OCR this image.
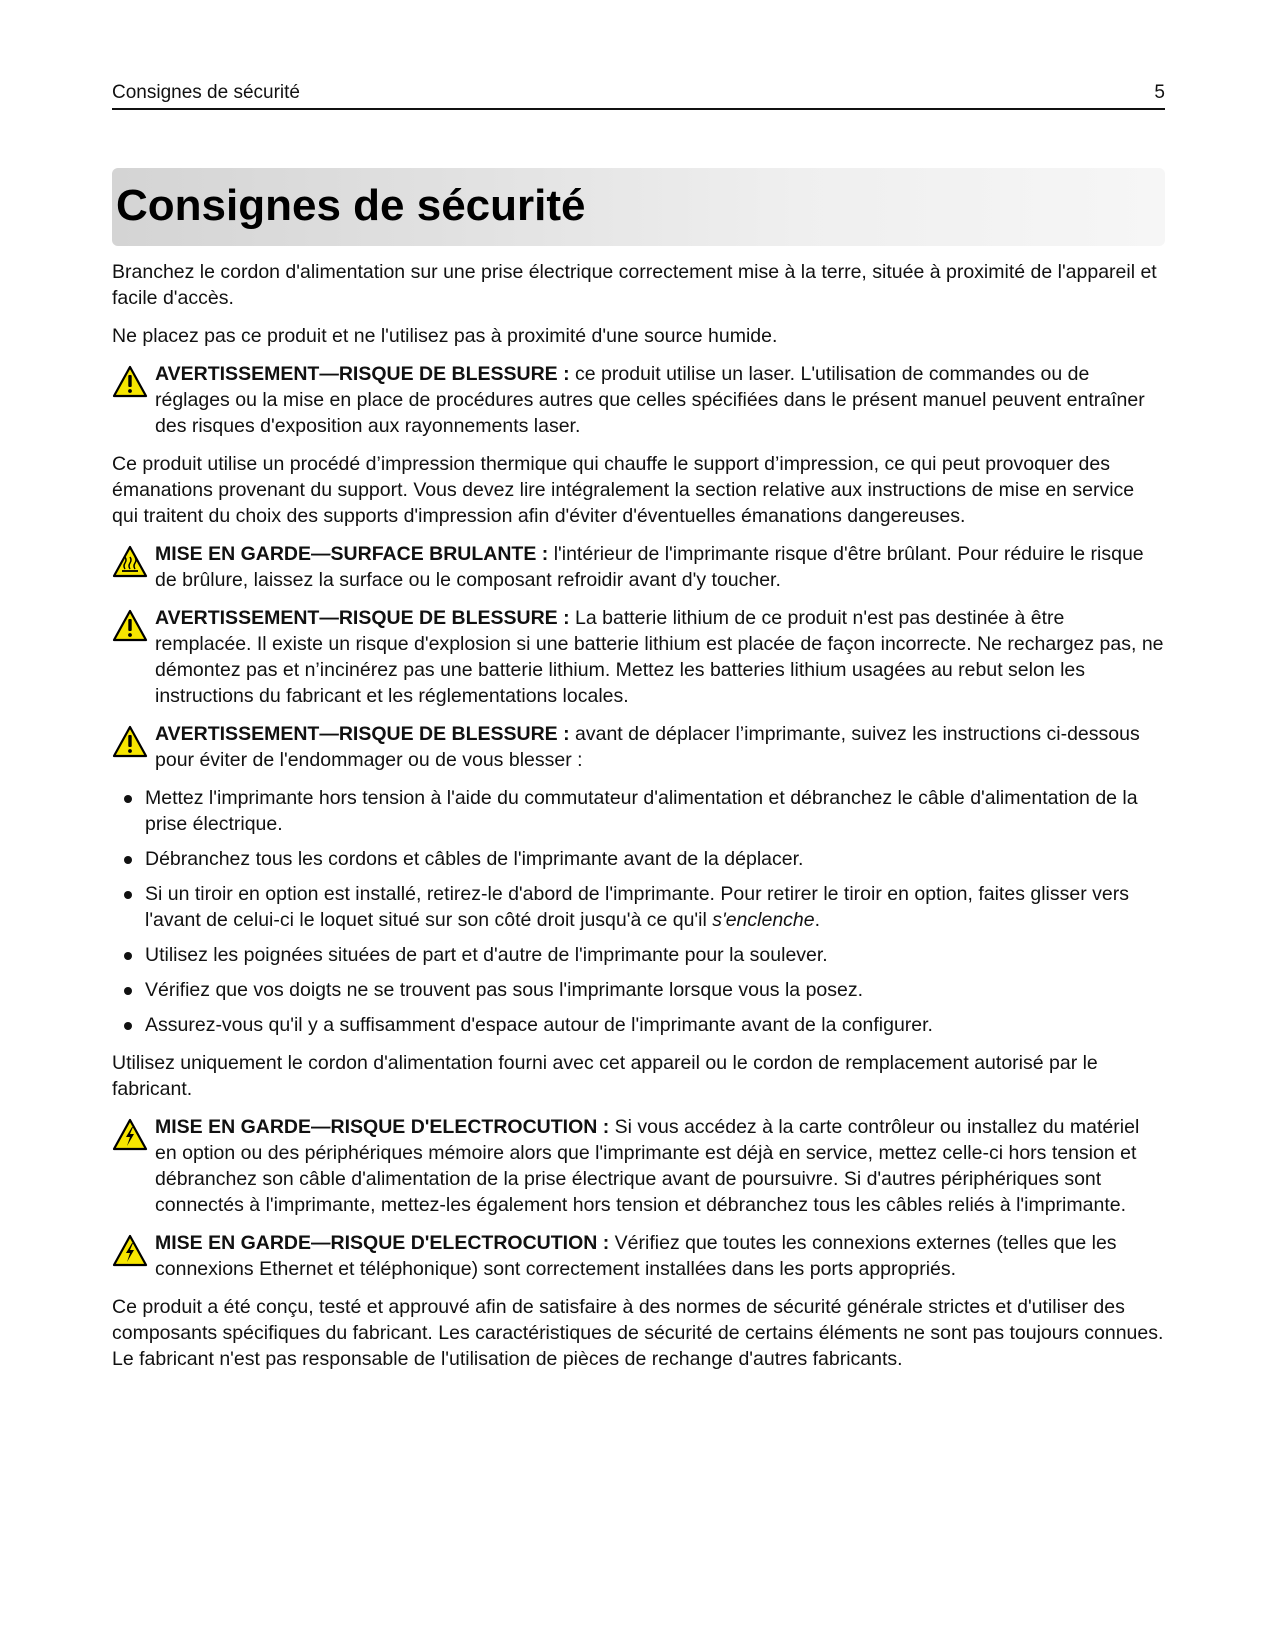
Consignes de sécurité	5
Consignes de sécurité

Branchez le cordon d'alimentation sur une prise électrique correctement mise à la terre, située à proximité de l'appareil et facile d'accès.

Ne placez pas ce produit et ne l'utilisez pas à proximité d'une source humide.

AVERTISSEMENT—RISQUE DE BLESSURE : ce produit utilise un laser. L'utilisation de commandes ou de réglages ou la mise en place de procédures autres que celles spécifiées dans le présent manuel peuvent entraîner des risques d'exposition aux rayonnements laser.

Ce produit utilise un procédé d’impression thermique qui chauffe le support d’impression, ce qui peut provoquer des émanations provenant du support. Vous devez lire intégralement la section relative aux instructions de mise en service qui traitent du choix des supports d'impression afin d'éviter d'éventuelles émanations dangereuses.

MISE EN GARDE—SURFACE BRULANTE : l'intérieur de l'imprimante risque d'être brûlant. Pour réduire le risque de brûlure, laissez la surface ou le composant refroidir avant d'y toucher.
AVERTISSEMENT—RISQUE DE BLESSURE : La batterie lithium de ce produit n'est pas destinée à être remplacée. Il existe un risque d'explosion si une batterie lithium est placée de façon incorrecte. Ne rechargez pas, ne démontez pas et n’incinérez pas une batterie lithium. Mettez les batteries lithium usagées au rebut selon les instructions du fabricant et les réglementations locales.
AVERTISSEMENT—RISQUE DE BLESSURE : avant de déplacer l’imprimante, suivez les instructions ci-dessous pour éviter de l'endommager ou de vous blesser :
Mettez l'imprimante hors tension à l'aide du commutateur d'alimentation et débranchez le câble d'alimentation de la prise électrique.
Débranchez tous les cordons et câbles de l'imprimante avant de la déplacer.
Si un tiroir en option est installé, retirez-le d'abord de l'imprimante. Pour retirer le tiroir en option, faites glisser vers l'avant de celui-ci le loquet situé sur son côté droit jusqu'à ce qu'il s'enclenche.
Utilisez les poignées situées de part et d'autre de l'imprimante pour la soulever.
Vérifiez que vos doigts ne se trouvent pas sous l'imprimante lorsque vous la posez.
Assurez-vous qu'il y a suffisamment d'espace autour de l'imprimante avant de la configurer.

Utilisez uniquement le cordon d'alimentation fourni avec cet appareil ou le cordon de remplacement autorisé par le fabricant.

MISE EN GARDE—RISQUE D'ELECTROCUTION : Si vous accédez à la carte contrôleur ou installez du matériel en option ou des périphériques mémoire alors que l'imprimante est déjà en service, mettez celle-ci hors tension et débranchez son câble d'alimentation de la prise électrique avant de poursuivre. Si d'autres périphériques sont connectés à l'imprimante, mettez-les également hors tension et débranchez tous les câbles reliés à l'imprimante.
MISE EN GARDE—RISQUE D'ELECTROCUTION : Vérifiez que toutes les connexions externes (telles que les connexions Ethernet et téléphonique) sont correctement installées dans les ports appropriés.

Ce produit a été conçu, testé et approuvé afin de satisfaire à des normes de sécurité générale strictes et d'utiliser des composants spécifiques du fabricant. Les caractéristiques de sécurité de certains éléments ne sont pas toujours connues. Le fabricant n'est pas responsable de l'utilisation de pièces de rechange d'autres fabricants.
